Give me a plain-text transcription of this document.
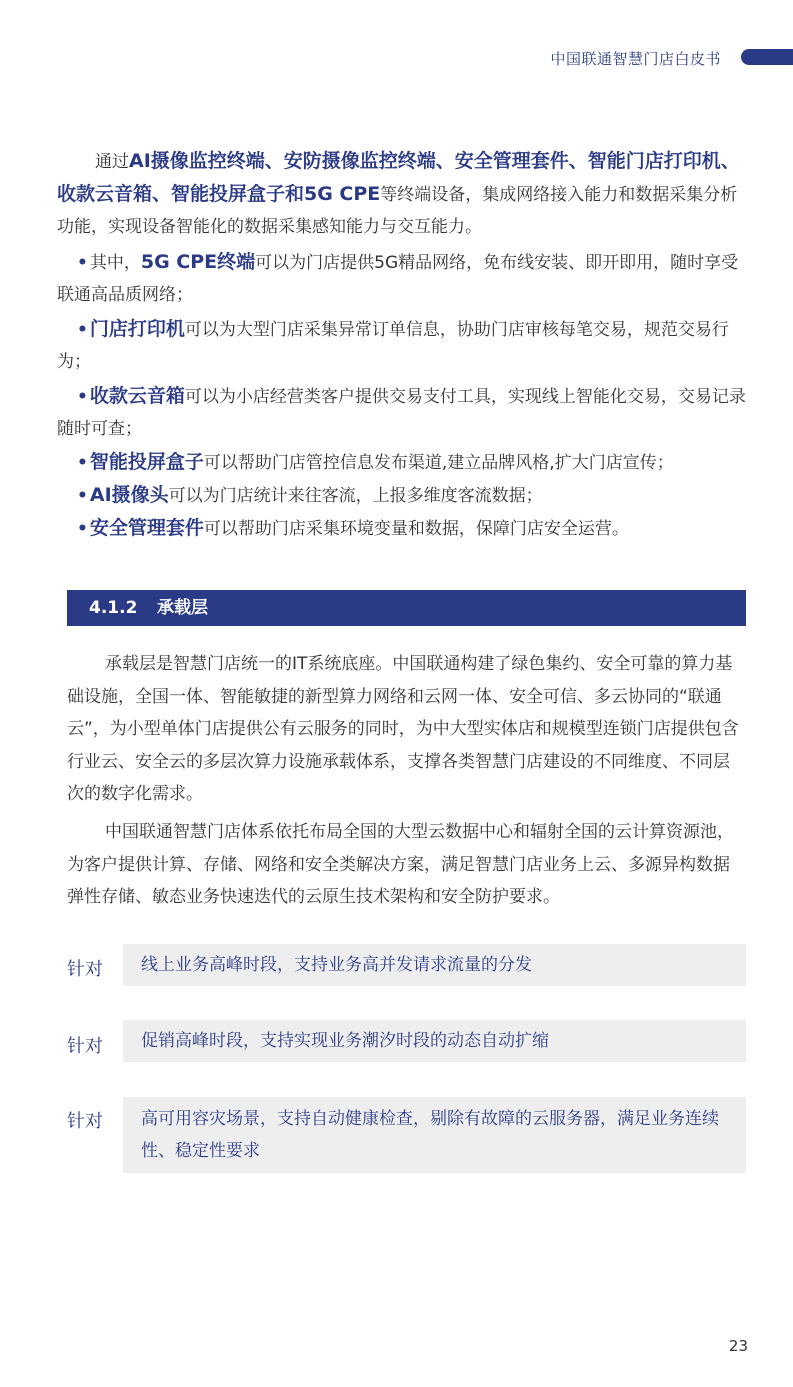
中国联通智慧门店白皮书

通过AI摄像监控终端、安防摄像监控终端、安全管理套件、智能门店打印机、收款云音箱、智能投屏盒子和5G CPE等终端设备，集成网络接入能力和数据采集分析功能，实现设备智能化的数据采集感知能力与交互能力。

• 其中，5G CPE终端可以为门店提供5G精品网络，免布线安装、即开即用，随时享受联通高品质网络；

• 门店打印机可以为大型门店采集异常订单信息，协助门店审核每笔交易，规范交易行为；

• 收款云音箱可以为小店经营类客户提供交易支付工具，实现线上智能化交易，交易记录随时可查；

• 智能投屏盒子可以帮助门店管控信息发布渠道,建立品牌风格,扩大门店宣传；

• AI摄像头可以为门店统计来往客流，上报多维度客流数据；

• 安全管理套件可以帮助门店采集环境变量和数据，保障门店安全运营。

4.1.2 承载层

承载层是智慧门店统一的IT系统底座。中国联通构建了绿色集约、安全可靠的算力基础设施，全国一体、智能敏捷的新型算力网络和云网一体、安全可信、多云协同的“联通云”，为小型单体门店提供公有云服务的同时，为中大型实体店和规模型连锁门店提供包含行业云、安全云的多层次算力设施承载体系，支撑各类智慧门店建设的不同维度、不同层次的数字化需求。

中国联通智慧门店体系依托布局全国的大型云数据中心和辐射全国的云计算资源池，为客户提供计算、存储、网络和安全类解决方案，满足智慧门店业务上云、多源异构数据弹性存储、敏态业务快速迭代的云原生技术架构和安全防护要求。

针对	线上业务高峰时段，支持业务高并发请求流量的分发
针对	促销高峰时段，支持实现业务潮汐时段的动态自动扩缩
针对	高可用容灾场景，支持自动健康检查，剔除有故障的云服务器，满足业务连续性、稳定性要求
23
